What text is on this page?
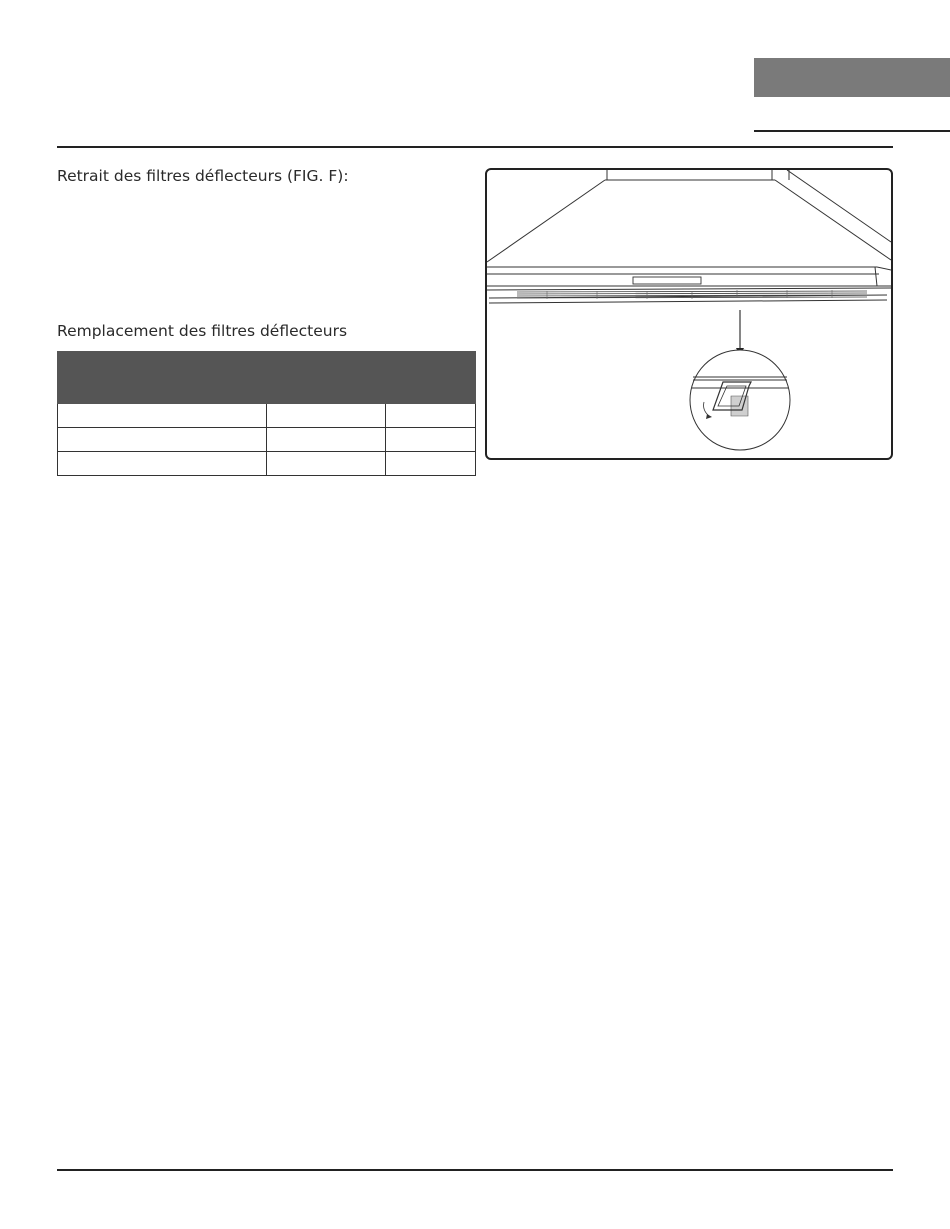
Retrait des filtres déflecteurs (FIG. F):
Remplacement des filtres déflecteurs
